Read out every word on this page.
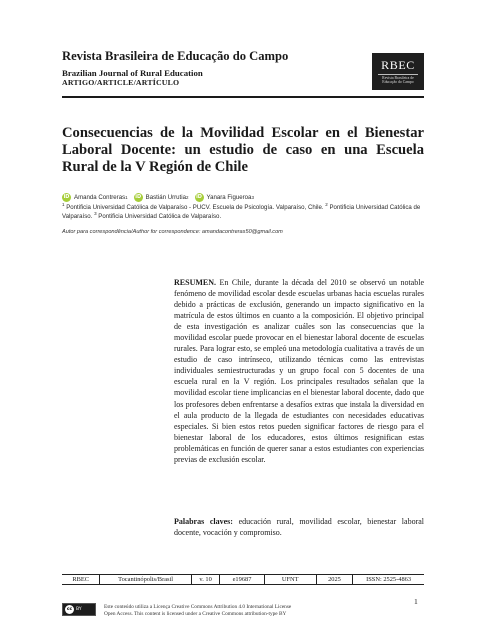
Revista Brasileira de Educação do Campo
Brazilian Journal of Rural Education
ARTIGO/ARTICLE/ARTÍCULO
RBEC
Revista Brasileira de
Educação do Campo
Consecuencias de la Movilidad Escolar en el Bienestar Laboral Docente: un estudio de caso en una Escuela Rural de la V Región de Chile
iD Amanda Contreras 1	iD Bastián Urrutia 2	iD Yanara Figueroa 3
$^1$ Pontificia Universidad Católica de Valparaíso - PUCV. Escuela de Psicología. Valparaíso, Chile. $^2$ Pontificia Universidad Católica de Valparaíso. $^3$ Pontificia Universidad Católica de Valparaíso.
Autor para correspondência/Author for correspondence: amandacontreras50@gmail.com
RESUMEN. En Chile, durante la década del 2010 se observó un notable fenómeno de movilidad escolar desde escuelas urbanas hacia escuelas rurales debido a prácticas de exclusión, generando un impacto significativo en la matrícula de estos últimos en cuanto a la composición. El objetivo principal de esta investigación es analizar cuáles son las consecuencias que la movilidad escolar puede provocar en el bienestar laboral docente de escuelas rurales. Para lograr esto, se empleó una metodología cualitativa a través de un estudio de caso intrínseco, utilizando técnicas como las entrevistas individuales semiestructuradas y un grupo focal con 5 docentes de una escuela rural en la V región. Los principales resultados señalan que la movilidad escolar tiene implicancias en el bienestar laboral docente, dado que los profesores deben enfrentarse a desafíos extras que instala la diversidad en el aula producto de la llegada de estudiantes con necesidades educativas especiales. Si bien estos retos pueden significar factores de riesgo para el bienestar laboral de los educadores, estos últimos resignifican estas problemáticas en función de querer sanar a estos estudiantes con experiencias previas de exclusión escolar.
Palabras claves: educación rural, movilidad escolar, bienestar laboral docente, vocación y compromiso.
RBEC	Tocantinópolis/Brasil	v. 10	e19687	UFNT	2025	ISSN: 2525-4863
1
cc BY	Este conteúdo utiliza a Licença Creative Commons Attribution 4.0 International License
Open Access. This content is licensed under a Creative Commons attribution-type BY
